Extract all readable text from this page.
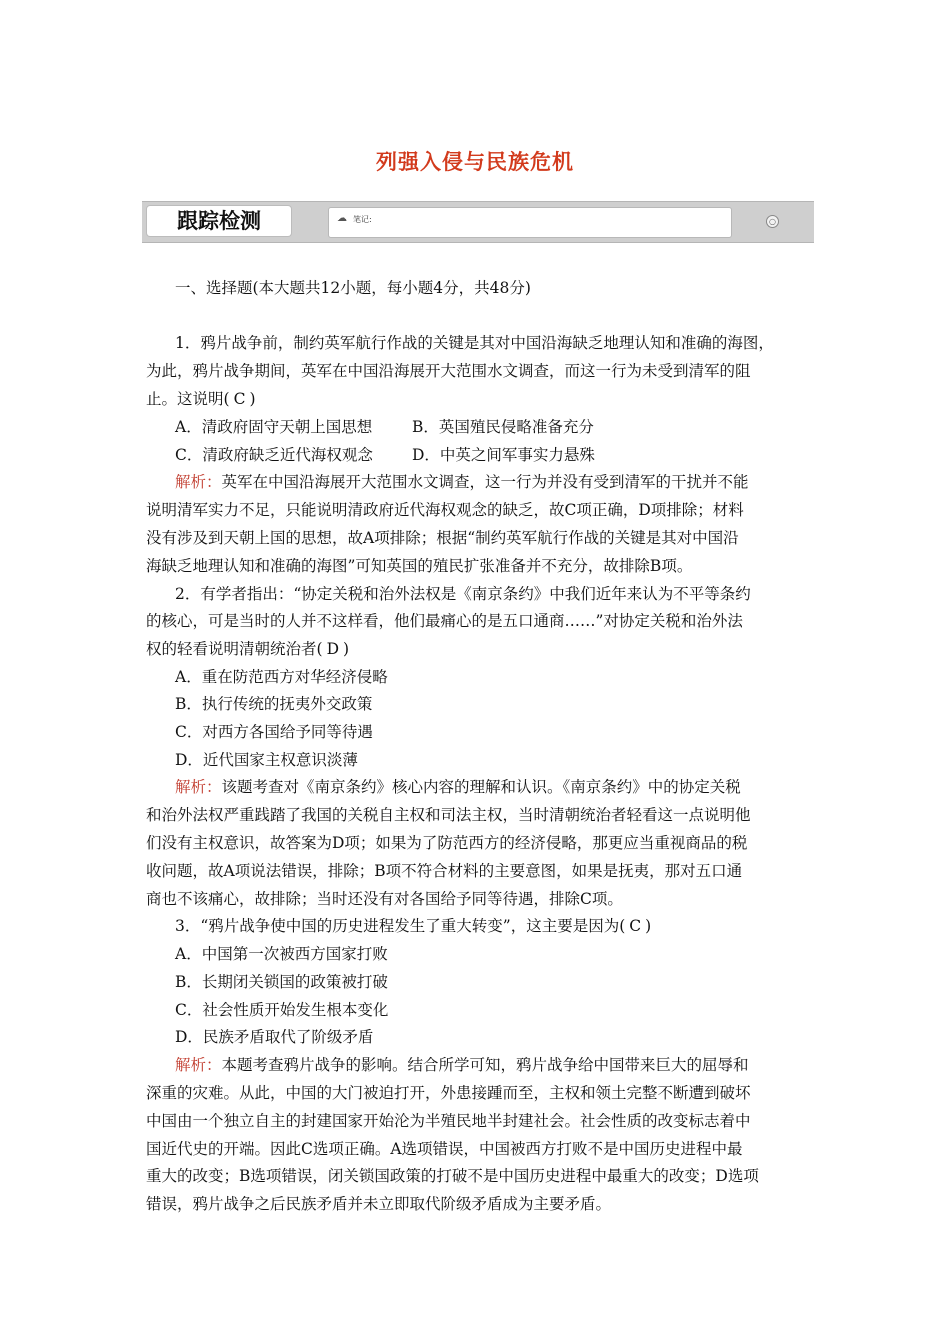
列强入侵与民族危机
跟踪检测	☁ 笔记:	○
一、选择题(本大题共12小题，每小题4分，共48分)
1．鸦片战争前，制约英军航行作战的关键是其对中国沿海缺乏地理认知和准确的海图，
为此，鸦片战争期间，英军在中国沿海展开大范围水文调查，而这一行为未受到清军的阻
止。这说明( C )
A．清政府固守天朝上国思想	B．英国殖民侵略准备充分
C．清政府缺乏近代海权观念	D．中英之间军事实力悬殊
解析：英军在中国沿海展开大范围水文调查，这一行为并没有受到清军的干扰并不能
说明清军实力不足，只能说明清政府近代海权观念的缺乏，故C项正确，D项排除；材料
没有涉及到天朝上国的思想，故A项排除；根据“制约英军航行作战的关键是其对中国沿
海缺乏地理认知和准确的海图”可知英国的殖民扩张准备并不充分，故排除B项。
2．有学者指出：“协定关税和治外法权是《南京条约》中我们近年来认为不平等条约
的核心，可是当时的人并不这样看，他们最痛心的是五口通商……”对协定关税和治外法
权的轻看说明清朝统治者( D )
A．重在防范西方对华经济侵略
B．执行传统的抚夷外交政策
C．对西方各国给予同等待遇
D．近代国家主权意识淡薄
解析：该题考查对《南京条约》核心内容的理解和认识。《南京条约》中的协定关税
和治外法权严重践踏了我国的关税自主权和司法主权，当时清朝统治者轻看这一点说明他
们没有主权意识，故答案为D项；如果为了防范西方的经济侵略，那更应当重视商品的税
收问题，故A项说法错误，排除；B项不符合材料的主要意图，如果是抚夷，那对五口通
商也不该痛心，故排除；当时还没有对各国给予同等待遇，排除C项。
3．“鸦片战争使中国的历史进程发生了重大转变”，这主要是因为( C )
A．中国第一次被西方国家打败
B．长期闭关锁国的政策被打破
C．社会性质开始发生根本变化
D．民族矛盾取代了阶级矛盾
解析：本题考查鸦片战争的影响。结合所学可知，鸦片战争给中国带来巨大的屈辱和
深重的灾难。从此，中国的大门被迫打开，外患接踵而至，主权和领土完整不断遭到破坏
中国由一个独立自主的封建国家开始沦为半殖民地半封建社会。社会性质的改变标志着中
国近代史的开端。因此C选项正确。A选项错误，中国被西方打败不是中国历史进程中最
重大的改变；B选项错误，闭关锁国政策的打破不是中国历史进程中最重大的改变；D选项
错误，鸦片战争之后民族矛盾并未立即取代阶级矛盾成为主要矛盾。
